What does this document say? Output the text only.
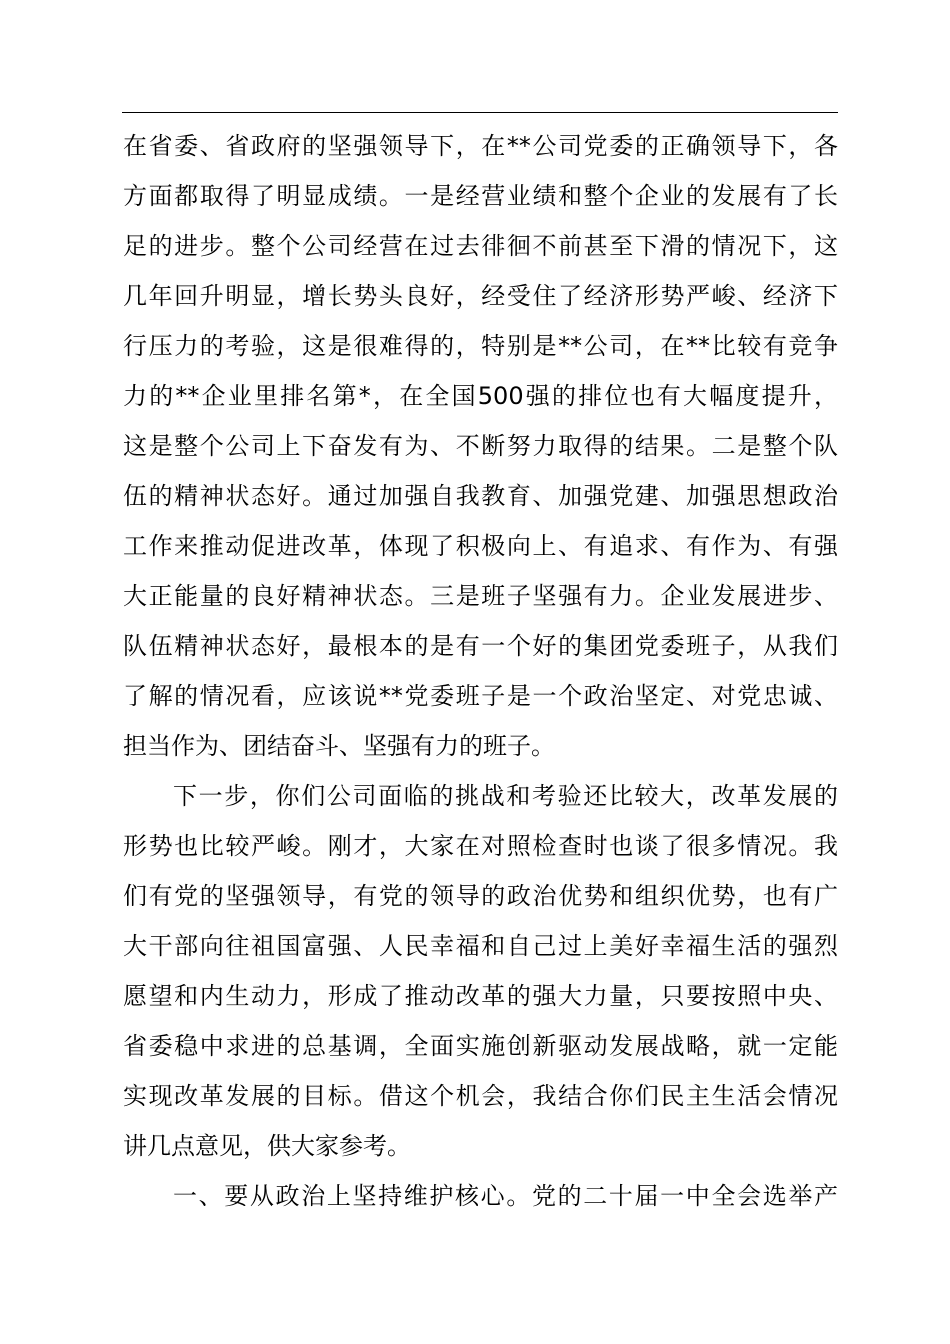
在省委、省政府的坚强领导下，在**公司党委的正确领导下，各
方面都取得了明显成绩。一是经营业绩和整个企业的发展有了长
足的进步。整个公司经营在过去徘徊不前甚至下滑的情况下，这
几年回升明显，增长势头良好，经受住了经济形势严峻、经济下
行压力的考验，这是很难得的，特别是**公司，在**比较有竞争
力的**企业里排名第*，在全国500强的排位也有大幅度提升，
这是整个公司上下奋发有为、不断努力取得的结果。二是整个队
伍的精神状态好。通过加强自我教育、加强党建、加强思想政治
工作来推动促进改革，体现了积极向上、有追求、有作为、有强
大正能量的良好精神状态。三是班子坚强有力。企业发展进步、
队伍精神状态好，最根本的是有一个好的集团党委班子，从我们
了解的情况看，应该说**党委班子是一个政治坚定、对党忠诚、
担当作为、团结奋斗、坚强有力的班子。
下一步，你们公司面临的挑战和考验还比较大，改革发展的
形势也比较严峻。刚才，大家在对照检查时也谈了很多情况。我
们有党的坚强领导，有党的领导的政治优势和组织优势，也有广
大干部向往祖国富强、人民幸福和自己过上美好幸福生活的强烈
愿望和内生动力，形成了推动改革的强大力量，只要按照中央、
省委稳中求进的总基调，全面实施创新驱动发展战略，就一定能
实现改革发展的目标。借这个机会，我结合你们民主生活会情况
讲几点意见，供大家参考。
一、要从政治上坚持维护核心。党的二十届一中全会选举产
